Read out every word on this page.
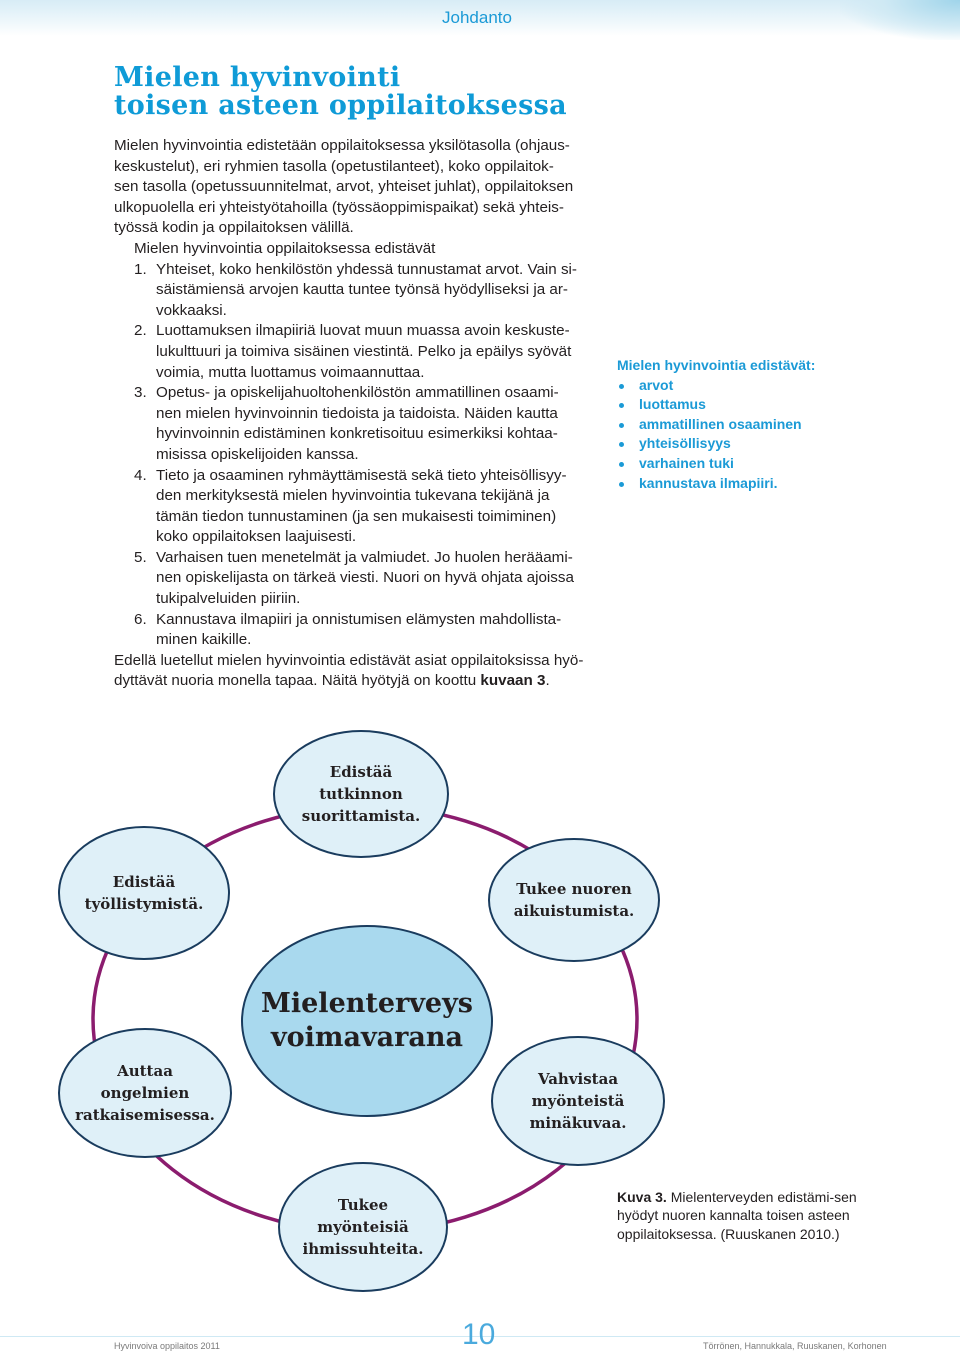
Johdanto
Mielen hyvinvointi
toisen asteen oppilaitoksessa

Mielen hyvinvointia edistetään oppilaitoksessa yksilötasolla (ohjaus-

keskustelut), eri ryhmien tasolla (opetustilanteet), koko oppilaitok-

sen tasolla (opetussuunnitelmat, arvot, yhteiset juhlat), oppilaitoksen

ulkopuolella eri yhteistyötahoilla (työssäoppimispaikat) sekä yhteis-

työssä kodin ja oppilaitoksen välillä.

Mielen hyvinvointia oppilaitoksessa edistävät

1. Yhteiset, koko henkilöstön yhdessä tunnustamat arvot. Vain si-

säistämiensä arvojen kautta tuntee työnsä hyödylliseksi ja ar-

vokkaaksi.

2. Luottamuksen ilmapiiriä luovat muun muassa avoin keskuste-

lukulttuuri ja toimiva sisäinen viestintä. Pelko ja epäilys syövät

voimia, mutta luottamus voimaannuttaa.

3. Opetus- ja opiskelijahuoltohenkilöstön ammatillinen osaami-

nen mielen hyvinvoinnin tiedoista ja taidoista. Näiden kautta

hyvinvoinnin edistäminen konkretisoituu esimerkiksi kohtaa-

misissa opiskelijoiden kanssa.

4. Tieto ja osaaminen ryhmäyttämisestä sekä tieto yhteisöllisyy-

den merkityksestä mielen hyvinvointia tukevana tekijänä ja

tämän tiedon tunnustaminen (ja sen mukaisesti toimiminen)

koko oppilaitoksen laajuisesti.

5. Varhaisen tuen menetelmät ja valmiudet. Jo huolen herääami-

nen opiskelijasta on tärkeä viesti. Nuori on hyvä ohjata ajoissa

tukipalveluiden piiriin.

6. Kannustava ilmapiiri ja onnistumisen elämysten mahdollista-

minen kaikille.

Edellä luetellut mielen hyvinvointia edistävät asiat oppilaitoksissa hyö-

dyttävät nuoria monella tapaa. Näitä hyötyjä on koottu kuvaan 3.

Mielen hyvinvointia edistävät:
arvot
luottamus
ammatillinen osaaminen
yhteisöllisyys
varhainen tuki
kannustava ilmapiiri.
Edistää
tutkinnon
suorittamista.
Tukee nuoren
aikuistumista.
Vahvistaa
myönteistä
minäkuvaa.
Tukee
myönteisiä
ihmissuhteita.
Auttaa
ongelmien
ratkaisemisessa.
Edistää
työllistymistä.
Mielenterveys
voimavarana
Kuva 3. Mielenterveyden edistämi-sen hyödyt nuoren kannalta toisen asteen oppilaitoksessa. (Ruuskanen 2010.)
Hyvinvoiva oppilaitos 2011	10	Törrönen, Hannukkala, Ruuskanen, Korhonen
